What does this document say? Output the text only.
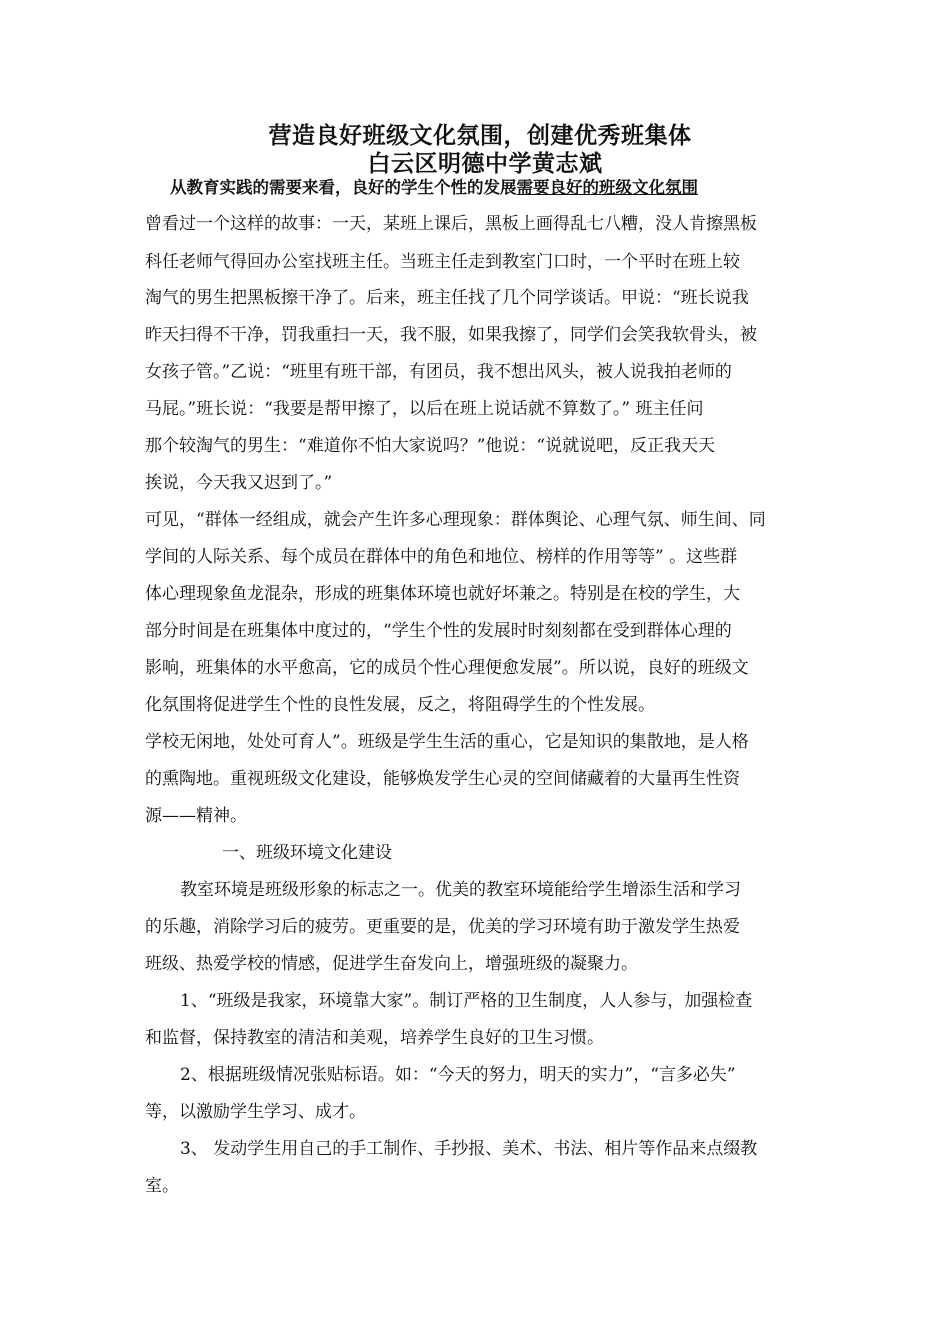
营造良好班级文化氛围，创建优秀班集体
白云区明德中学黄志斌
从教育实践的需要来看，良好的学生个性的发展需要良好的班级文化氛围
曾看过一个这样的故事：一天，某班上课后，黑板上画得乱七八糟，没人肯擦黑板
科任老师气得回办公室找班主任。当班主任走到教室门口时，一个平时在班上较
淘气的男生把黑板擦干净了。后来，班主任找了几个同学谈话。甲说：“班长说我
昨天扫得不干净，罚我重扫一天，我不服，如果我擦了，同学们会笑我软骨头，被
女孩子管。”乙说：“班里有班干部，有团员，我不想出风头，被人说我拍老师的
马屁。”班长说：“我要是帮甲擦了，以后在班上说话就不算数了。” 班主任问
那个较淘气的男生：“难道你不怕大家说吗？”他说：“说就说吧，反正我天天
挨说，今天我又迟到了。”
可见，“群体一经组成，就会产生许多心理现象：群体舆论、心理气氛、师生间、同
学间的人际关系、每个成员在群体中的角色和地位、榜样的作用等等” 。这些群
体心理现象鱼龙混杂，形成的班集体环境也就好坏兼之。特别是在校的学生，大
部分时间是在班集体中度过的，“学生个性的发展时时刻刻都在受到群体心理的
影响，班集体的水平愈高，它的成员个性心理便愈发展”。所以说，良好的班级文
化氛围将促进学生个性的良性发展，反之，将阻碍学生的个性发展。
学校无闲地，处处可育人”。班级是学生生活的重心，它是知识的集散地，是人格
的熏陶地。重视班级文化建设，能够焕发学生心灵的空间储藏着的大量再生性资
源——精神。
一、班级环境文化建设
教室环境是班级形象的标志之一。优美的教室环境能给学生增添生活和学习
的乐趣，消除学习后的疲劳。更重要的是，优美的学习环境有助于激发学生热爱
班级、热爱学校的情感，促进学生奋发向上，增强班级的凝聚力。
1、“班级是我家，环境靠大家”。制订严格的卫生制度，人人参与，加强检查
和监督，保持教室的清洁和美观，培养学生良好的卫生习惯。
2、根据班级情况张贴标语。如：“今天的努力，明天的实力”，“言多必失”
等，以激励学生学习、成才。
3、 发动学生用自己的手工制作、手抄报、美术、书法、相片等作品来点缀教
室。
